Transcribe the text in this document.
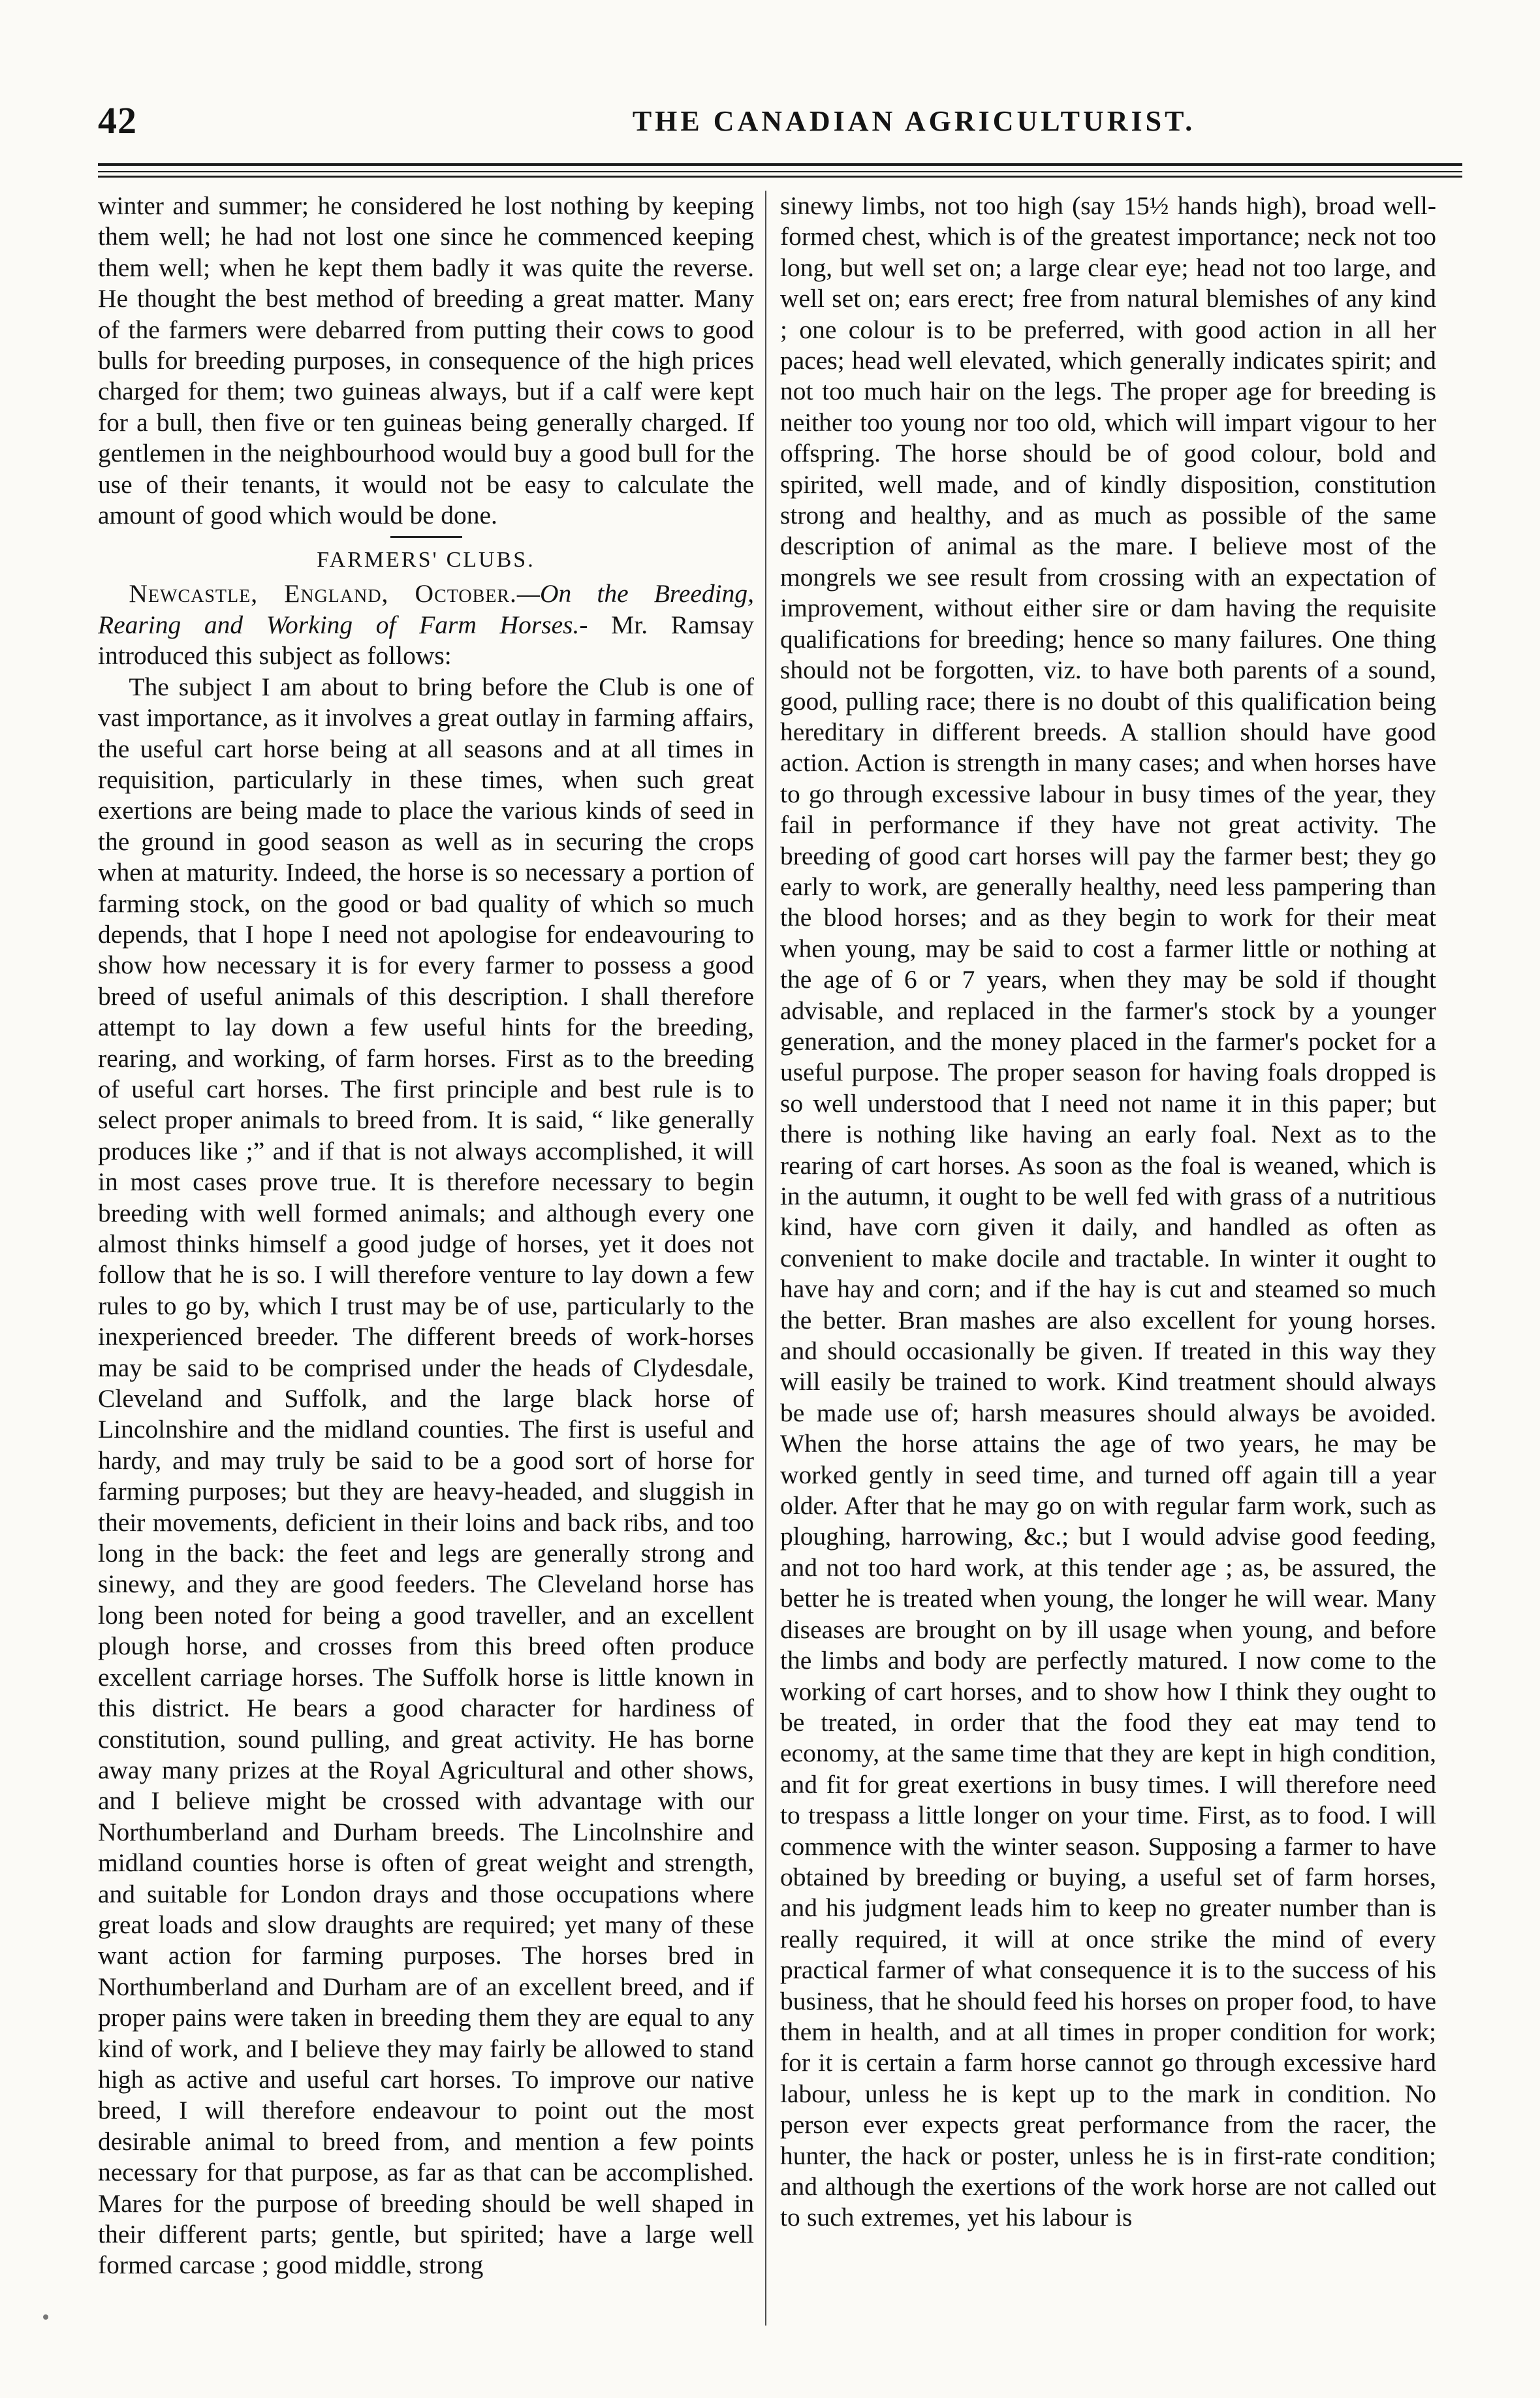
42	THE CANADIAN AGRICULTURIST.

winter and summer; he considered he lost nothing by keeping them well; he had not lost one since he commenced keeping them well; when he kept them badly it was quite the reverse. He thought the best method of breeding a great matter. Many of the farmers were debarred from putting their cows to good bulls for breeding purposes, in consequence of the high prices charged for them; two guineas always, but if a calf were kept for a bull, then five or ten guineas being generally charged. If gentlemen in the neighbourhood would buy a good bull for the use of their tenants, it would not be easy to calculate the amount of good which would be done.

FARMERS' CLUBS.

Newcastle, England, October.—On the Breeding, Rearing and Working of Farm Horses.- Mr. Ramsay introduced this subject as follows:

The subject I am about to bring before the Club is one of vast importance, as it involves a great outlay in farming affairs, the useful cart horse being at all seasons and at all times in requisition, particularly in these times, when such great exertions are being made to place the various kinds of seed in the ground in good season as well as in securing the crops when at maturity. Indeed, the horse is so necessary a portion of farming stock, on the good or bad quality of which so much depends, that I hope I need not apologise for endeavouring to show how necessary it is for every farmer to possess a good breed of useful animals of this description. I shall therefore attempt to lay down a few useful hints for the breeding, rearing, and working, of farm horses. First as to the breeding of useful cart horses. The first principle and best rule is to select proper animals to breed from. It is said, “ like generally produces like ;” and if that is not always accomplished, it will in most cases prove true. It is therefore necessary to begin breeding with well formed animals; and although every one almost thinks himself a good judge of horses, yet it does not follow that he is so. I will therefore venture to lay down a few rules to go by, which I trust may be of use, particularly to the inexperienced breeder. The different breeds of work-horses may be said to be comprised under the heads of Clydesdale, Cleveland and Suffolk, and the large black horse of Lincolnshire and the midland counties. The first is useful and hardy, and may truly be said to be a good sort of horse for farming purposes; but they are heavy-headed, and sluggish in their movements, deficient in their loins and back ribs, and too long in the back: the feet and legs are generally strong and sinewy, and they are good feeders. The Cleveland horse has long been noted for being a good traveller, and an excellent plough horse, and crosses from this breed often produce excellent carriage horses. The Suffolk horse is little known in this district. He bears a good character for hardiness of constitution, sound pulling, and great activity. He has borne away many prizes at the Royal Agricultural and other shows, and I believe might be crossed with advantage with our Northumberland and Durham breeds. The Lincolnshire and midland counties horse is often of great weight and strength, and suitable for London drays and those occupations where great loads and slow draughts are required; yet many of these want action for farming purposes. The horses bred in Northumberland and Durham are of an excellent breed, and if proper pains were taken in breeding them they are equal to any kind of work, and I believe they may fairly be allowed to stand high as active and useful cart horses. To improve our native breed, I will therefore endeavour to point out the most desirable animal to breed from, and mention a few points necessary for that purpose, as far as that can be accomplished. Mares for the purpose of breeding should be well shaped in their different parts; gentle, but spirited; have a large well formed carcase ; good middle, strong

sinewy limbs, not too high (say 15½ hands high), broad well-formed chest, which is of the greatest importance; neck not too long, but well set on; a large clear eye; head not too large, and well set on; ears erect; free from natural blemishes of any kind ; one colour is to be preferred, with good action in all her paces; head well elevated, which generally indicates spirit; and not too much hair on the legs. The proper age for breeding is neither too young nor too old, which will impart vigour to her offspring. The horse should be of good colour, bold and spirited, well made, and of kindly disposition, constitution strong and healthy, and as much as possible of the same description of animal as the mare. I believe most of the mongrels we see result from crossing with an expectation of improvement, without either sire or dam having the requisite qualifications for breeding; hence so many failures. One thing should not be forgotten, viz. to have both parents of a sound, good, pulling race; there is no doubt of this qualification being hereditary in different breeds. A stallion should have good action. Action is strength in many cases; and when horses have to go through excessive labour in busy times of the year, they fail in performance if they have not great activity. The breeding of good cart horses will pay the farmer best; they go early to work, are generally healthy, need less pampering than the blood horses; and as they begin to work for their meat when young, may be said to cost a farmer little or nothing at the age of 6 or 7 years, when they may be sold if thought advisable, and replaced in the farmer's stock by a younger generation, and the money placed in the farmer's pocket for a useful purpose. The proper season for having foals dropped is so well understood that I need not name it in this paper; but there is nothing like having an early foal. Next as to the rearing of cart horses. As soon as the foal is weaned, which is in the autumn, it ought to be well fed with grass of a nutritious kind, have corn given it daily, and handled as often as convenient to make docile and tractable. In winter it ought to have hay and corn; and if the hay is cut and steamed so much the better. Bran mashes are also excellent for young horses. and should occasionally be given. If treated in this way they will easily be trained to work. Kind treatment should always be made use of; harsh measures should always be avoided. When the horse attains the age of two years, he may be worked gently in seed time, and turned off again till a year older. After that he may go on with regular farm work, such as ploughing, harrowing, &c.; but I would advise good feeding, and not too hard work, at this tender age ; as, be assured, the better he is treated when young, the longer he will wear. Many diseases are brought on by ill usage when young, and before the limbs and body are perfectly matured. I now come to the working of cart horses, and to show how I think they ought to be treated, in order that the food they eat may tend to economy, at the same time that they are kept in high condition, and fit for great exertions in busy times. I will therefore need to trespass a little longer on your time. First, as to food. I will commence with the winter season. Supposing a farmer to have obtained by breeding or buying, a useful set of farm horses, and his judgment leads him to keep no greater number than is really required, it will at once strike the mind of every practical farmer of what consequence it is to the success of his business, that he should feed his horses on proper food, to have them in health, and at all times in proper condition for work; for it is certain a farm horse cannot go through excessive hard labour, unless he is kept up to the mark in condition. No person ever expects great performance from the racer, the hunter, the hack or poster, unless he is in first-rate condition; and although the exertions of the work horse are not called out to such extremes, yet his labour is
